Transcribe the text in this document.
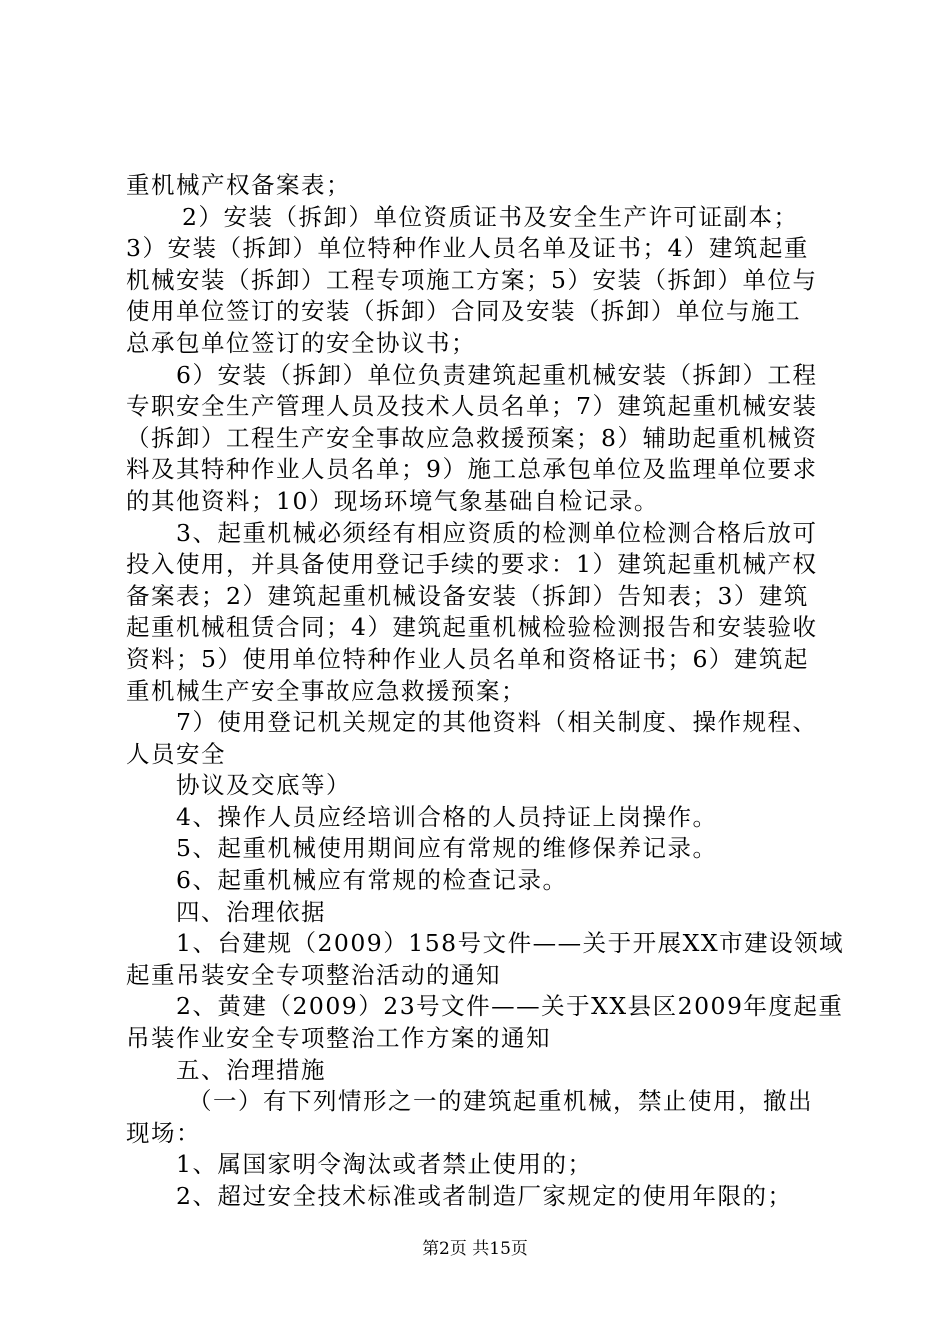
重机械产权备案表；
2）安装（拆卸）单位资质证书及安全生产许可证副本；
3）安装（拆卸）单位特种作业人员名单及证书；4）建筑起重
机械安装（拆卸）工程专项施工方案；5）安装（拆卸）单位与
使用单位签订的安装（拆卸）合同及安装（拆卸）单位与施工
总承包单位签订的安全协议书；
6）安装（拆卸）单位负责建筑起重机械安装（拆卸）工程
专职安全生产管理人员及技术人员名单；7）建筑起重机械安装
（拆卸）工程生产安全事故应急救援预案；8）辅助起重机械资
料及其特种作业人员名单；9）施工总承包单位及监理单位要求
的其他资料；10）现场环境气象基础自检记录。
3、起重机械必须经有相应资质的检测单位检测合格后放可
投入使用，并具备使用登记手续的要求：1）建筑起重机械产权
备案表；2）建筑起重机械设备安装（拆卸）告知表；3）建筑
起重机械租赁合同；4）建筑起重机械检验检测报告和安装验收
资料；5）使用单位特种作业人员名单和资格证书；6）建筑起
重机械生产安全事故应急救援预案；
7）使用登记机关规定的其他资料（相关制度、操作规程、
人员安全
协议及交底等）
4、操作人员应经培训合格的人员持证上岗操作。
5、起重机械使用期间应有常规的维修保养记录。
6、起重机械应有常规的检查记录。
四、治理依据
1、台建规（2009）158号文件——关于开展XX市建设领域
起重吊装安全专项整治活动的通知
2、黄建（2009）23号文件——关于XX县区2009年度起重
吊装作业安全专项整治工作方案的通知
五、治理措施
（一）有下列情形之一的建筑起重机械，禁止使用，撤出
现场：
1、属国家明令淘汰或者禁止使用的；
2、超过安全技术标准或者制造厂家规定的使用年限的；
第2页 共15页
